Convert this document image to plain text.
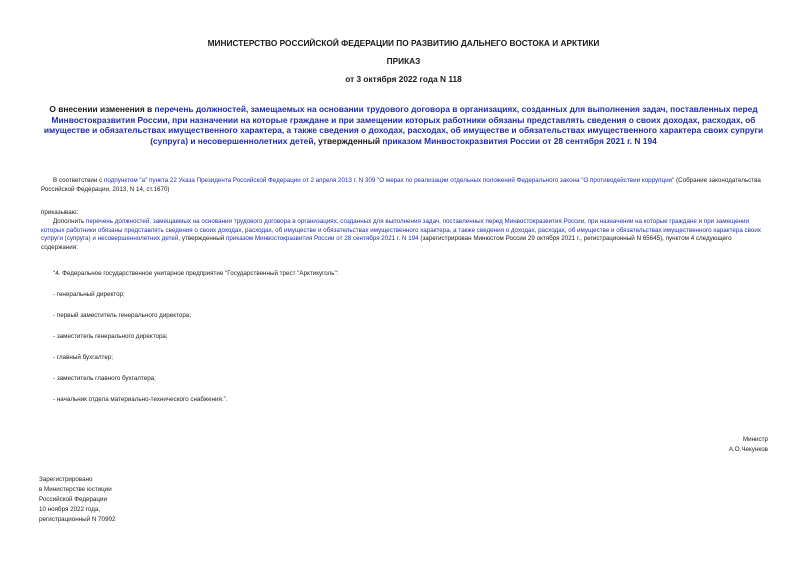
МИНИСТЕРСТВО РОССИЙСКОЙ ФЕДЕРАЦИИ ПО РАЗВИТИЮ ДАЛЬНЕГО ВОСТОКА И АРКТИКИ
ПРИКАЗ
от 3 октября 2022 года N 118
О внесении изменения в перечень должностей, замещаемых на основании трудового договора в организациях, созданных для выполнения задач, поставленных перед Минвостокразвития России, при назначении на которые граждане и при замещении которых работники обязаны представлять сведения о своих доходах, расходах, об имуществе и обязательствах имущественного характера, а также сведения о доходах, расходах, об имуществе и обязательствах имущественного характера своих супруги (супруга) и несовершеннолетних детей, утвержденный приказом Минвостокразвития России от 28 сентября 2021 г. N 194
В соответствии с подпунктом "а" пункта 22 Указа Президента Российской Федерации от 2 апреля 2013 г. N 309 "О мерах по реализации отдельных положений Федерального закона "О противодействии коррупции" (Собрание законодательства Российской Федерации, 2013, N 14, ст.1670)
приказываю:
Дополнить перечень должностей, замещаемых на основании трудового договора в организациях, созданных для выполнения задач, поставленных перед Минвостокразвития России, при назначении на которые граждане и при замещении которых работники обязаны представлять сведения о своих доходах, расходах, об имуществе и обязательствах имущественного характера, а также сведения о доходах, расходах, об имуществе и обязательствах имущественного характера своих супруги (супруга) и несовершеннолетних детей, утвержденный приказом Минвостокразвития России от 28 сентября 2021 г. N 194 (зарегистрирован Минюстом России 29 октября 2021 г., регистрационный N 65645), пунктом 4 следующего содержания:
"4. Федеральное государственное унитарное предприятие "Государственный трест "Арктикуголь":
- генеральный директор;
- первый заместитель генерального директора;
- заместитель генерального директора;
- главный бухгалтер;
- заместитель главного бухгалтера;
- начальник отдела материально-технического снабжения.".
Министр
А.О.Чекунков
Зарегистрировано
в Министерстве юстиции
Российской Федерации
10 ноября 2022 года,
регистрационный N 70902
